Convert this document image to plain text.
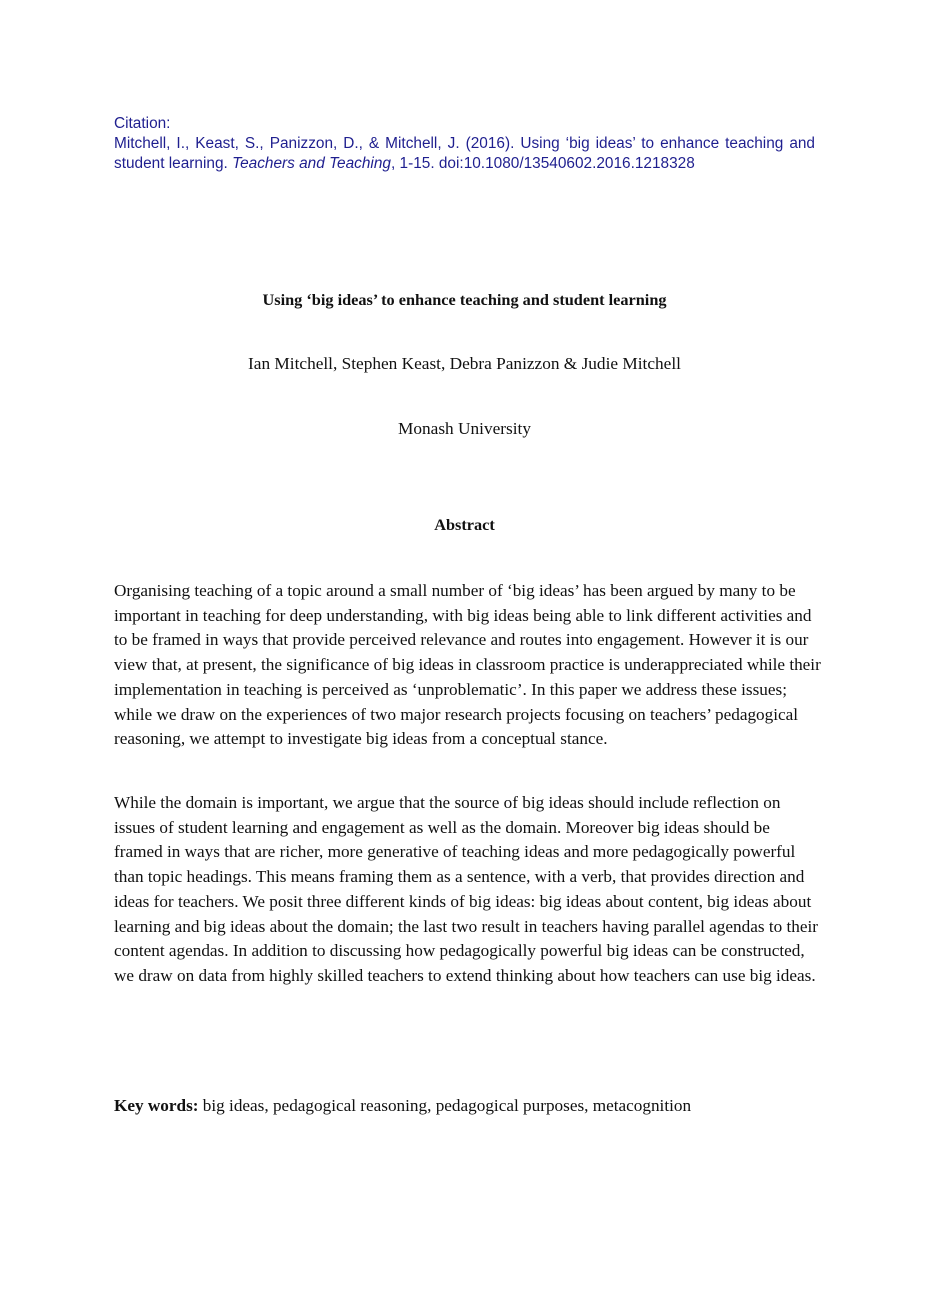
Citation:
Mitchell, I., Keast, S., Panizzon, D., & Mitchell, J. (2016). Using ‘big ideas’ to enhance teaching and student learning. Teachers and Teaching, 1-15. doi:10.1080/13540602.2016.1218328
Using ‘big ideas’ to enhance teaching and student learning
Ian Mitchell, Stephen Keast, Debra Panizzon & Judie Mitchell
Monash University
Abstract

Organising teaching of a topic around a small number of ‘big ideas’ has been argued by many to be important in teaching for deep understanding, with big ideas being able to link different activities and to be framed in ways that provide perceived relevance and routes into engagement. However it is our view that, at present, the significance of big ideas in classroom practice is underappreciated while their implementation in teaching is perceived as ‘unproblematic’. In this paper we address these issues; while we draw on the experiences of two major research projects focusing on teachers’ pedagogical reasoning, we attempt to investigate big ideas from a conceptual stance.

While the domain is important, we argue that the source of big ideas should include reflection on issues of student learning and engagement as well as the domain. Moreover big ideas should be framed in ways that are richer, more generative of teaching ideas and more pedagogically powerful than topic headings. This means framing them as a sentence, with a verb, that provides direction and ideas for teachers. We posit three different kinds of big ideas: big ideas about content, big ideas about learning and big ideas about the domain; the last two result in teachers having parallel agendas to their content agendas. In addition to discussing how pedagogically powerful big ideas can be constructed, we draw on data from highly skilled teachers to extend thinking about how teachers can use big ideas.

Key words: big ideas, pedagogical reasoning, pedagogical purposes, metacognition
